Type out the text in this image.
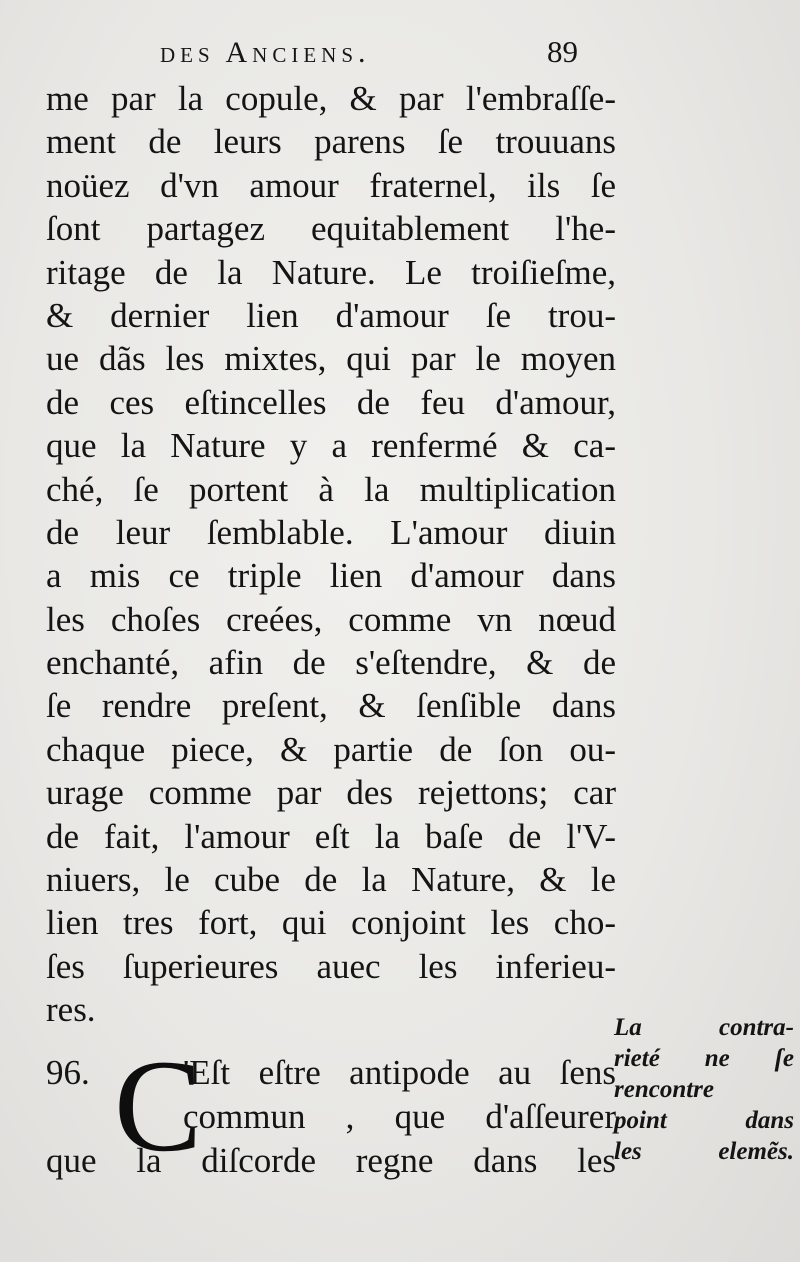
des Anciens.	89
me par la copule, & par l'embraſſe-
ment de leurs parens ſe trouuans
noüez d'vn amour fraternel, ils ſe
ſont partagez equitablement l'he-
ritage de la Nature. Le troiſieſme,
& dernier lien d'amour ſe trou-
ue dãs les mixtes, qui par le moyen
de ces eſtincelles de feu d'amour,
que la Nature y a renfermé & ca-
ché, ſe portent à la multiplication
de leur ſemblable. L'amour diuin
a mis ce triple lien d'amour dans
les choſes creées, comme vn nœud
enchanté, afin de s'eſtendre, & de
ſe rendre preſent, & ſenſible dans
chaque piece, & partie de ſon ou-
urage comme par des rejettons; car
de fait, l'amour eſt la baſe de l'V-
niuers, le cube de la Nature, & le
lien tres fort, qui conjoint les cho-
ſes ſuperieures auec les inferieu-
res.
C
96.	'Eſt eſtre antipode au ſens
commun , que d'aſſeurer
que la diſcorde regne dans les
La contra-
rieté ne ſe
rencontre
point dans
les elemẽs.
